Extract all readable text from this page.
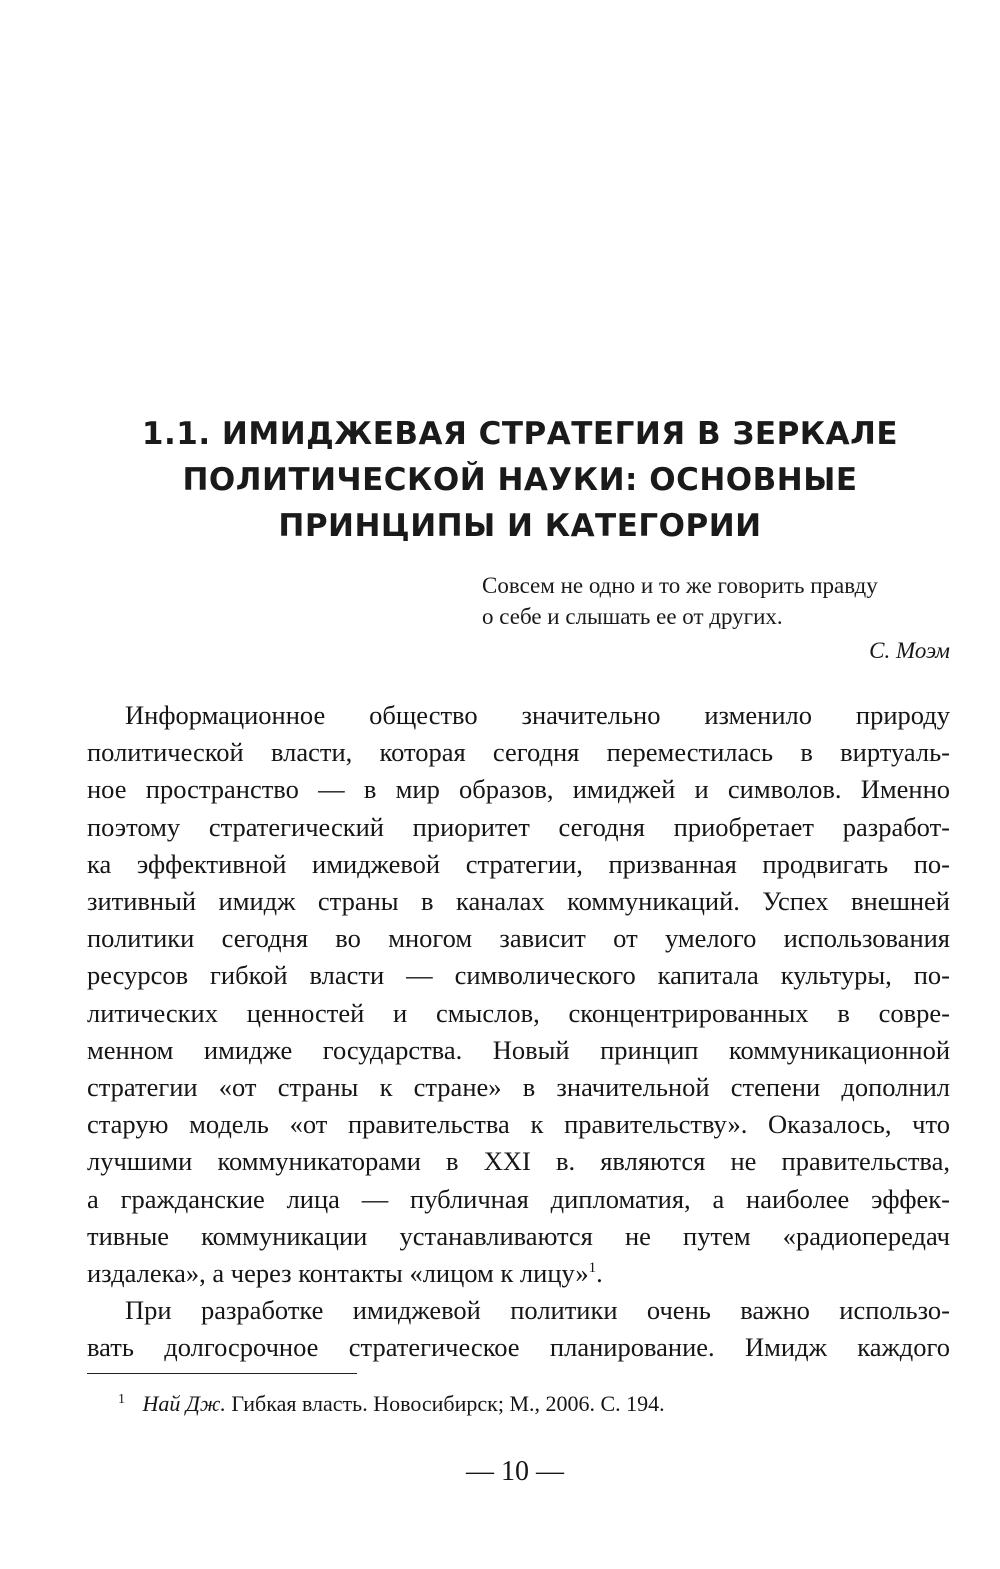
1.1. ИМИДЖЕВАЯ СТРАТЕГИЯ В ЗЕРКАЛЕ
ПОЛИТИЧЕСКОЙ НАУКИ: ОСНОВНЫЕ
ПРИНЦИПЫ И КАТЕГОРИИ
Совсем не одно и то же говорить правду
о себе и слышать ее от других.
С. Моэм
Информационное общество значительно изменило природу
политической власти, которая сегодня переместилась в виртуаль-
ное пространство — в мир образов, имиджей и символов. Именно
поэтому стратегический приоритет сегодня приобретает разработ-
ка эффективной имиджевой стратегии, призванная продвигать по-
зитивный имидж страны в каналах коммуникаций. Успех внешней
политики сегодня во многом зависит от умелого использования
ресурсов гибкой власти — символического капитала культуры, по-
литических ценностей и смыслов, сконцентрированных в совре-
менном имидже государства. Новый принцип коммуникационной
стратегии «от страны к стране» в значительной степени дополнил
старую модель «от правительства к правительству». Оказалось, что
лучшими коммуникаторами в XXI в. являются не правительства,
а гражданские лица — публичная дипломатия, а наиболее эффек-
тивные коммуникации устанавливаются не путем «радиопередач
издалека», а через контакты «лицом к лицу»$^1$.
При разработке имиджевой политики очень важно использо-
вать долгосрочное стратегическое планирование. Имидж каждого
$^1$ Най Дж. Гибкая власть. Новосибирск; М., 2006. С. 194.
— 10 —
